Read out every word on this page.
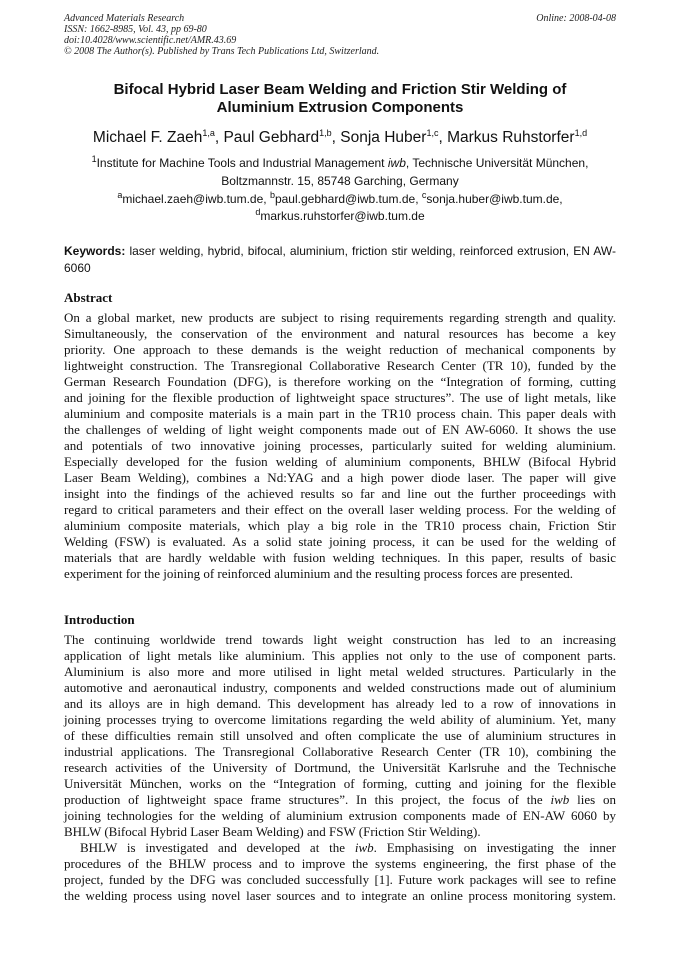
Advanced Materials Research
ISSN: 1662-8985, Vol. 43, pp 69-80
doi:10.4028/www.scientific.net/AMR.43.69
© 2008 The Author(s). Published by Trans Tech Publications Ltd, Switzerland.
Online: 2008-04-08
Bifocal Hybrid Laser Beam Welding and Friction Stir Welding of
Aluminium Extrusion Components
Michael F. Zaeh$^{1,a}$, Paul Gebhard$^{1,b}$, Sonja Huber$^{1,c}$, Markus Ruhstorfer$^{1,d}$
$^1$Institute for Machine Tools and Industrial Management iwb, Technische Universität München,
Boltzmannstr. 15, 85748 Garching, Germany
$^a$michael.zaeh@iwb.tum.de, $^b$paul.gebhard@iwb.tum.de, $^c$sonja.huber@iwb.tum.de,
$^d$markus.ruhstorfer@iwb.tum.de
Keywords: laser welding, hybrid, bifocal, aluminium, friction stir welding, reinforced extrusion, EN AW-6060
Abstract
On a global market, new products are subject to rising requirements regarding strength and quality.
Simultaneously, the conservation of the environment and natural resources has become a key
priority. One approach to these demands is the weight reduction of mechanical components by
lightweight construction. The Transregional Collaborative Research Center (TR 10), funded by the
German Research Foundation (DFG), is therefore working on the “Integration of forming, cutting
and joining for the flexible production of lightweight space structures”. The use of light metals, like
aluminium and composite materials is a main part in the TR10 process chain. This paper deals with
the challenges of welding of light weight components made out of EN AW-6060. It shows the use
and potentials of two innovative joining processes, particularly suited for welding aluminium.
Especially developed for the fusion welding of aluminium components, BHLW (Bifocal Hybrid
Laser Beam Welding), combines a Nd:YAG and a high power diode laser. The paper will give
insight into the findings of the achieved results so far and line out the further proceedings with
regard to critical parameters and their effect on the overall laser welding process. For the welding of
aluminium composite materials, which play a big role in the TR10 process chain, Friction Stir
Welding (FSW) is evaluated. As a solid state joining process, it can be used for the welding of
materials that are hardly weldable with fusion welding techniques. In this paper, results of basic
experiment for the joining of reinforced aluminium and the resulting process forces are presented.
Introduction
The continuing worldwide trend towards light weight construction has led to an increasing
application of light metals like aluminium. This applies not only to the use of component parts.
Aluminium is also more and more utilised in light metal welded structures. Particularly in the
automotive and aeronautical industry, components and welded constructions made out of aluminium
and its alloys are in high demand. This development has already led to a row of innovations in
joining processes trying to overcome limitations regarding the weld ability of aluminium. Yet, many
of these difficulties remain still unsolved and often complicate the use of aluminium structures in
industrial applications. The Transregional Collaborative Research Center (TR 10), combining the
research activities of the University of Dortmund, the Universität Karlsruhe and the Technische
Universität München, works on the “Integration of forming, cutting and joining for the flexible
production of lightweight space frame structures”. In this project, the focus of the iwb lies on
joining technologies for the welding of aluminium extrusion components made of EN-AW 6060 by
BHLW (Bifocal Hybrid Laser Beam Welding) and FSW (Friction Stir Welding).
BHLW is investigated and developed at the iwb. Emphasising on investigating the inner
procedures of the BHLW process and to improve the systems engineering, the first phase of the
project, funded by the DFG was concluded successfully [1]. Future work packages will see to refine
the welding process using novel laser sources and to integrate an online process monitoring system.
